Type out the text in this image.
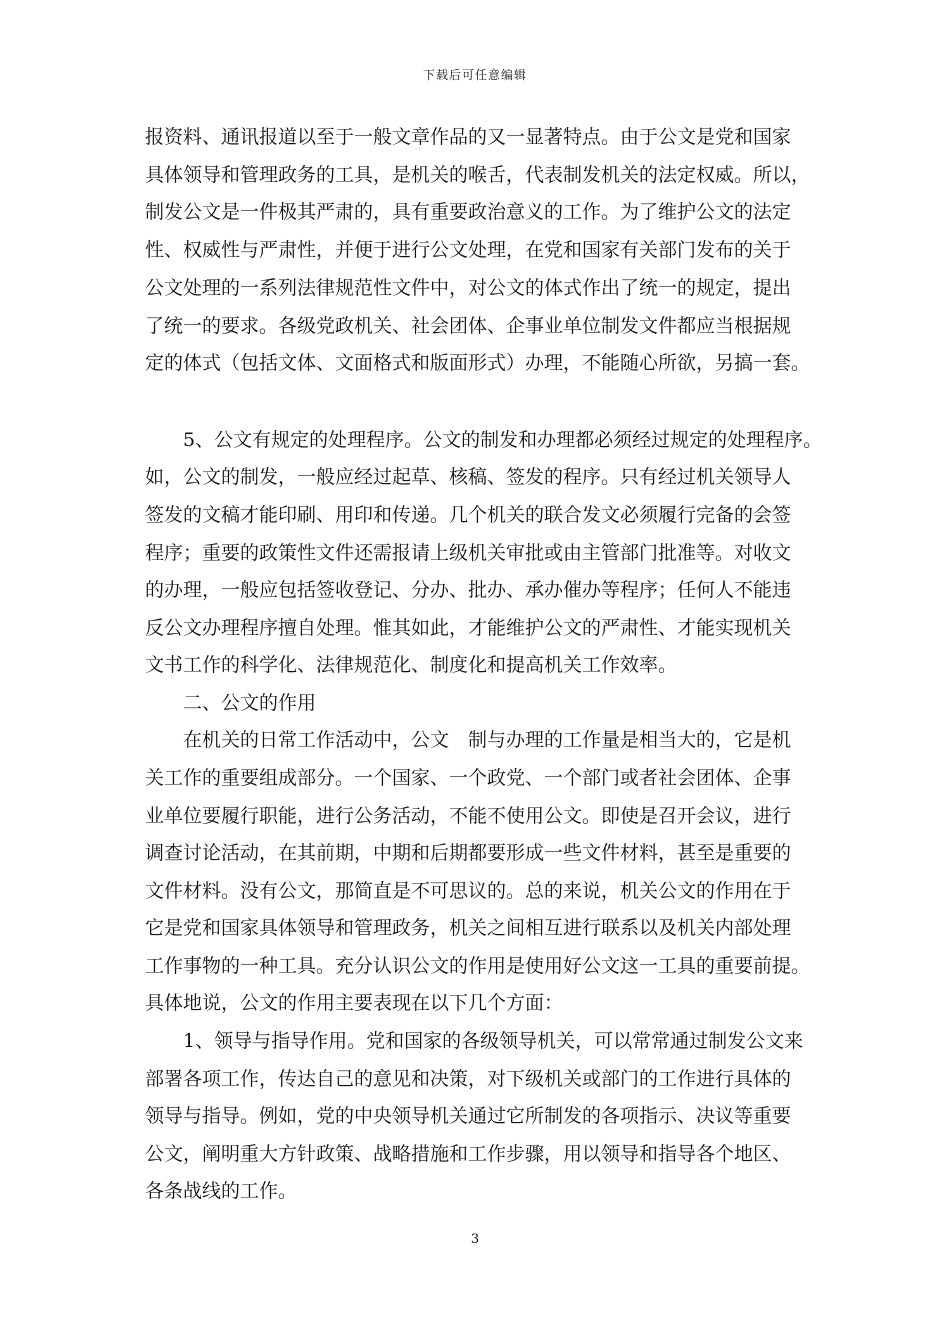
下载后可任意编辑
报资料、通讯报道以至于一般文章作品的又一显著特点。由于公文是党和国家
具体领导和管理政务的工具，是机关的喉舌，代表制发机关的法定权威。所以，
制发公文是一件极其严肃的，具有重要政治意义的工作。为了维护公文的法定
性、权威性与严肃性，并便于进行公文处理，在党和国家有关部门发布的关于
公文处理的一系列法律规范性文件中，对公文的体式作出了统一的规定，提出
了统一的要求。各级党政机关、社会团体、企事业单位制发文件都应当根据规
定的体式（包括文体、文面格式和版面形式）办理，不能随心所欲，另搞一套。
5、公文有规定的处理程序。公文的制发和办理都必须经过规定的处理程序。
如，公文的制发，一般应经过起草、核稿、签发的程序。只有经过机关领导人
签发的文稿才能印刷、用印和传递。几个机关的联合发文必须履行完备的会签
程序；重要的政策性文件还需报请上级机关审批或由主管部门批准等。对收文
的办理，一般应包括签收登记、分办、批办、承办催办等程序；任何人不能违
反公文办理程序擅自处理。惟其如此，才能维护公文的严肃性、才能实现机关
文书工作的科学化、法律规范化、制度化和提高机关工作效率。
二、公文的作用
在机关的日常工作活动中，公文　制与办理的工作量是相当大的，它是机
关工作的重要组成部分。一个国家、一个政党、一个部门或者社会团体、企事
业单位要履行职能，进行公务活动，不能不使用公文。即使是召开会议，进行
调查讨论活动，在其前期，中期和后期都要形成一些文件材料，甚至是重要的
文件材料。没有公文，那简直是不可思议的。总的来说，机关公文的作用在于
它是党和国家具体领导和管理政务，机关之间相互进行联系以及机关内部处理
工作事物的一种工具。充分认识公文的作用是使用好公文这一工具的重要前提。
具体地说，公文的作用主要表现在以下几个方面：
1、领导与指导作用。党和国家的各级领导机关，可以常常通过制发公文来
部署各项工作，传达自己的意见和决策，对下级机关或部门的工作进行具体的
领导与指导。例如，党的中央领导机关通过它所制发的各项指示、决议等重要
公文，阐明重大方针政策、战略措施和工作步骤，用以领导和指导各个地区、
各条战线的工作。
3
